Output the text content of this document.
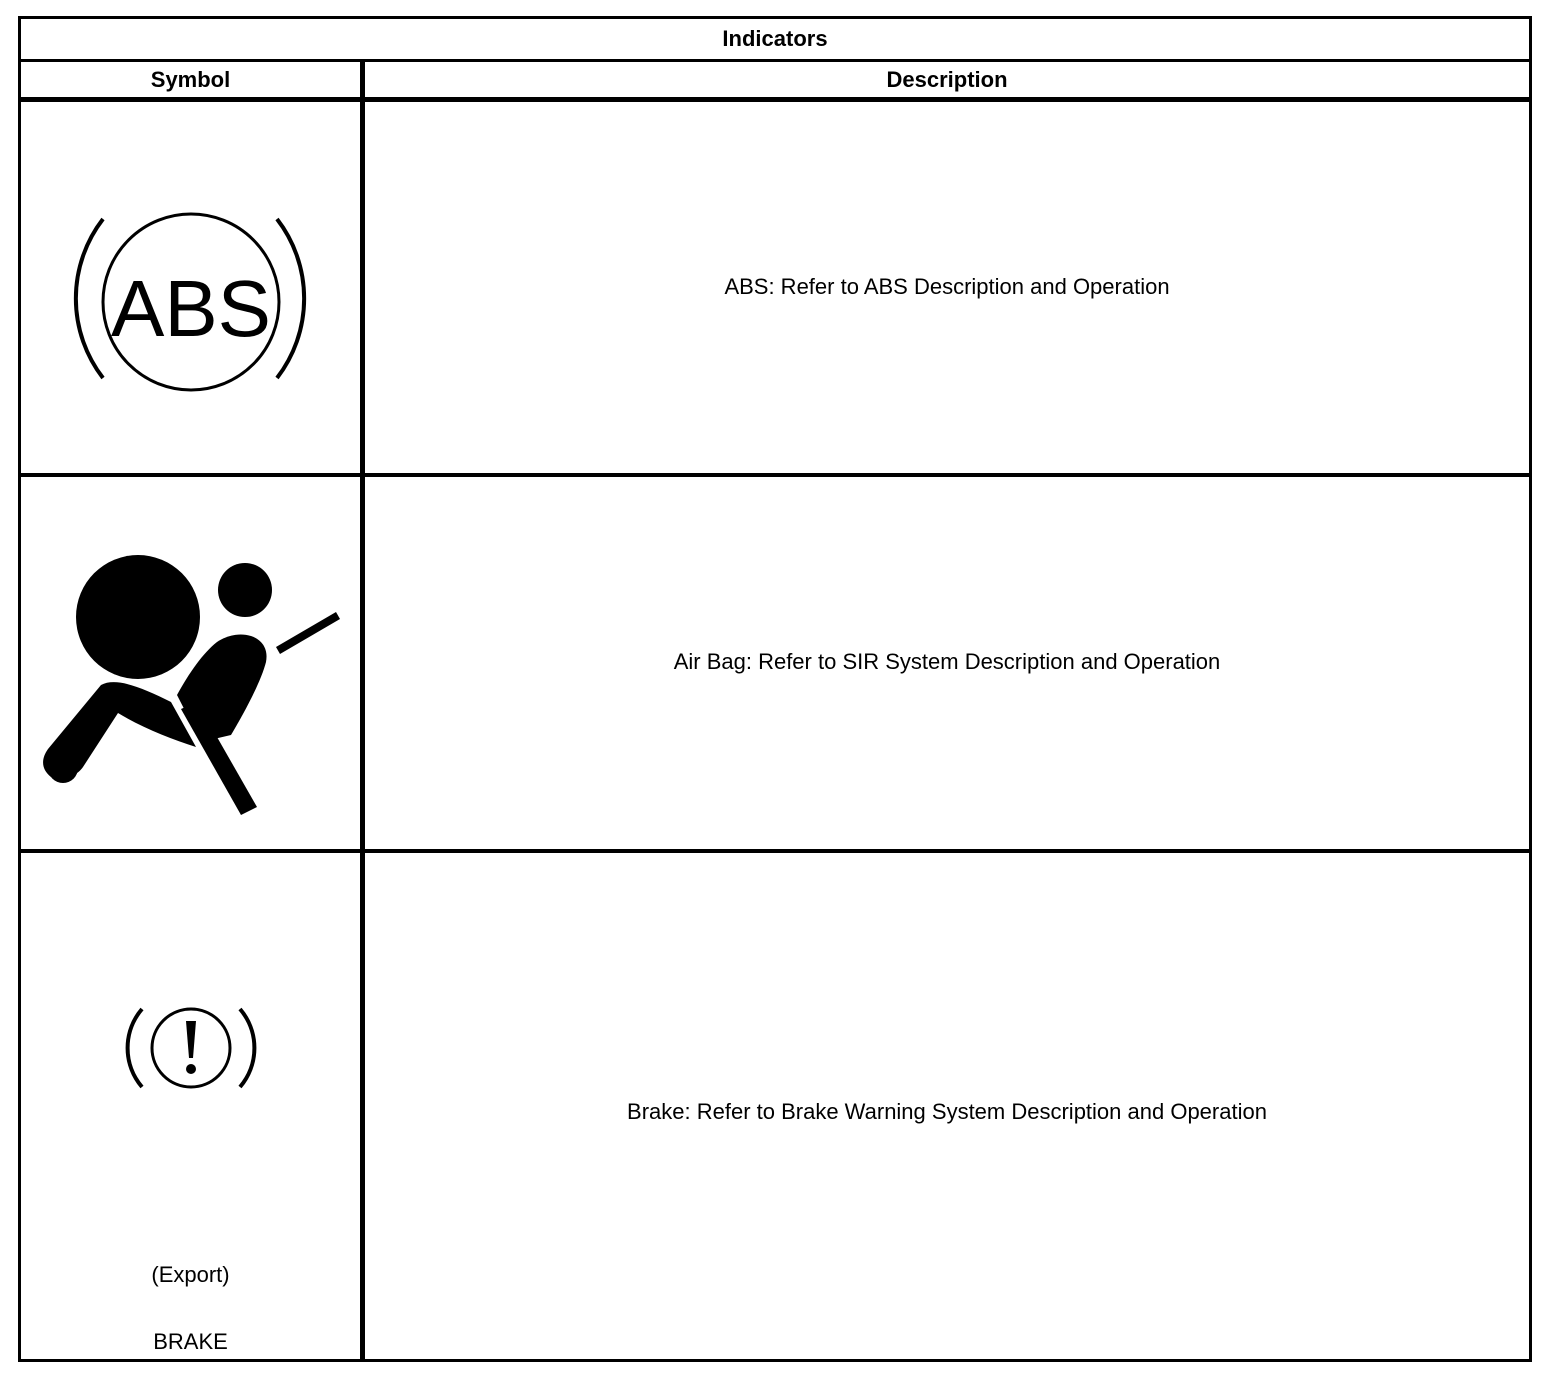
Indicators
Symbol	Description
ABS	ABS: Refer to ABS Description and Operation
Air Bag: Refer to SIR System Description and Operation
(Export)
BRAKE
Brake: Refer to Brake Warning System Description and Operation
